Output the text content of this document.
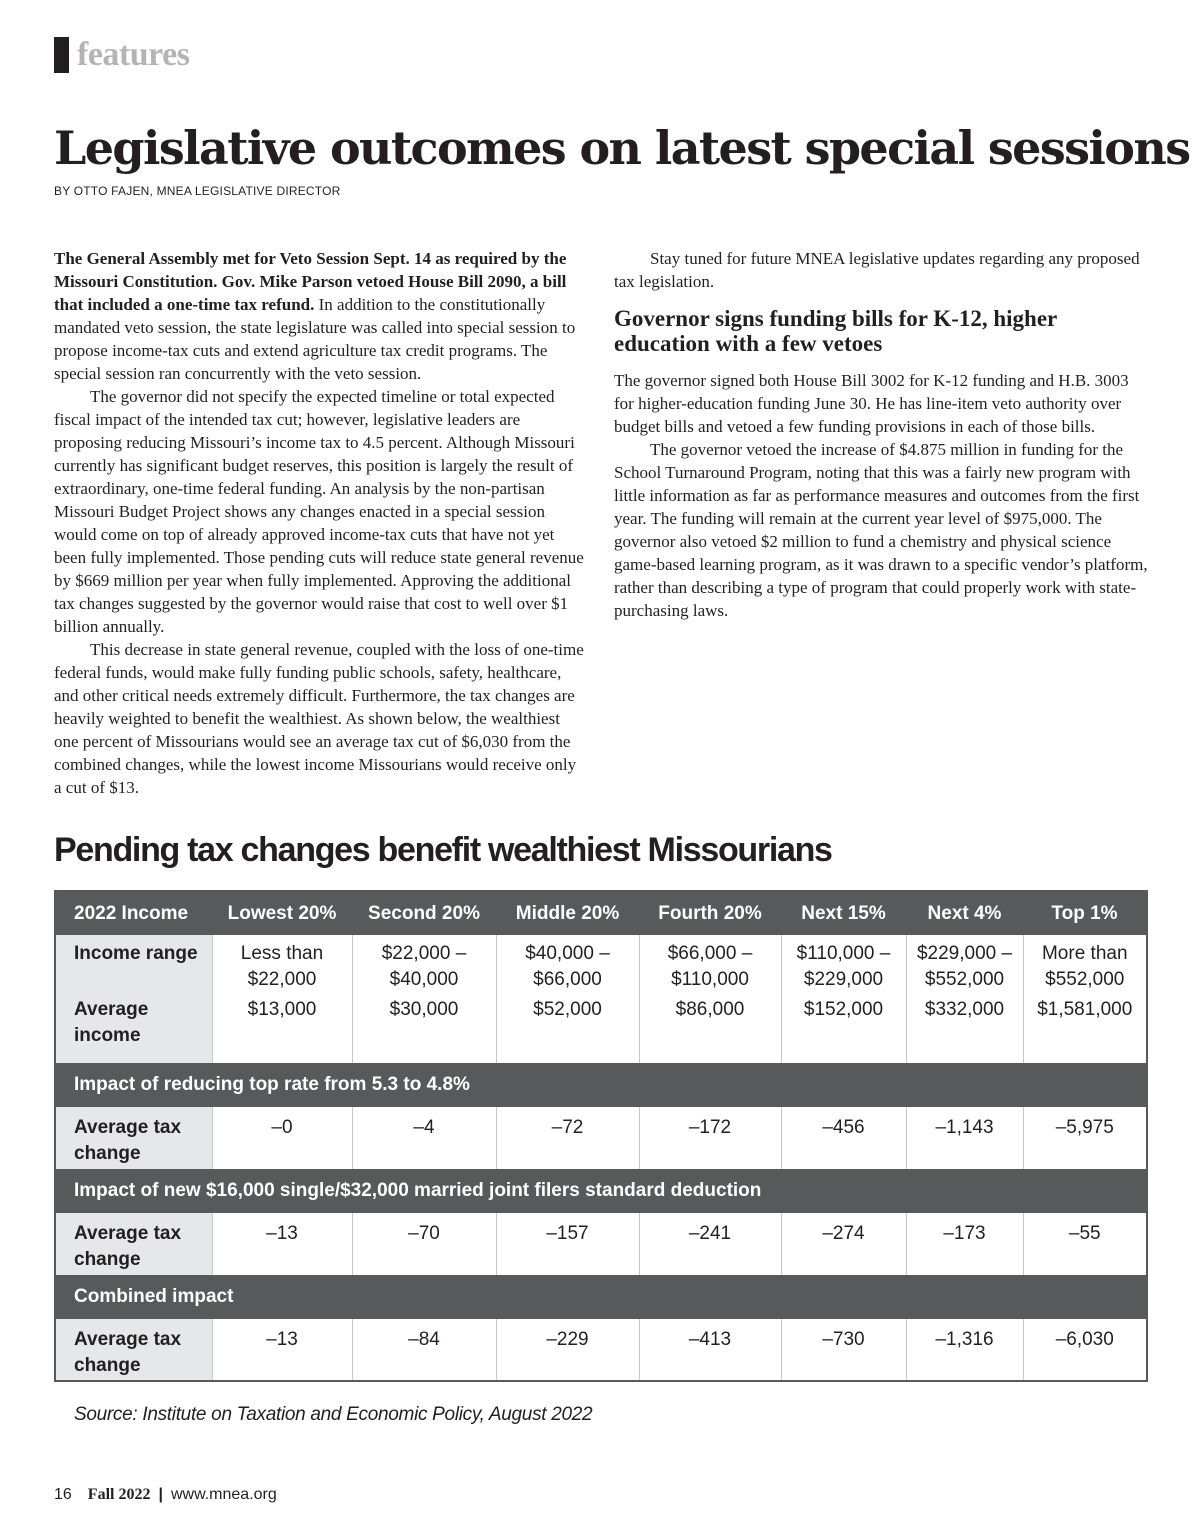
features
Legislative outcomes on latest special sessions
BY OTTO FAJEN, MNEA LEGISLATIVE DIRECTOR

The General Assembly met for Veto Session Sept. 14 as required by the Missouri Constitution. Gov. Mike Parson vetoed House Bill 2090, a bill that included a one-time tax refund. In addition to the constitutionally mandated veto session, the state legislature was called into special session to propose income-tax cuts and extend agriculture tax credit programs. The special session ran concurrently with the veto session.

The governor did not specify the expected timeline or total expected fiscal impact of the intended tax cut; however, legislative leaders are proposing reducing Missouri’s income tax to 4.5 percent. Although Missouri currently has significant budget reserves, this position is largely the result of extraordinary, one-time federal funding. An analysis by the non-partisan Missouri Budget Project shows any changes enacted in a special session would come on top of already approved income-tax cuts that have not yet been fully implemented. Those pending cuts will reduce state general revenue by $669 million per year when fully implemented. Approving the additional tax changes suggested by the governor would raise that cost to well over $1 billion annually.

This decrease in state general revenue, coupled with the loss of one-time federal funds, would make fully funding public schools, safety, healthcare, and other critical needs extremely difficult. Furthermore, the tax changes are heavily weighted to benefit the wealthiest. As shown below, the wealthiest one percent of Missourians would see an average tax cut of $6,030 from the combined changes, while the lowest income Missourians would receive only a cut of $13.

Stay tuned for future MNEA legislative updates regarding any proposed tax legislation.

Governor signs funding bills for K-12, higher education with a few vetoes

The governor signed both House Bill 3002 for K-12 funding and H.B. 3003 for higher-education funding June 30. He has line-item veto authority over budget bills and vetoed a few funding provisions in each of those bills.

The governor vetoed the increase of $4.875 million in funding for the School Turnaround Program, noting that this was a fairly new program with little information as far as performance measures and outcomes from the first year. The funding will remain at the current year level of $975,000. The governor also vetoed $2 million to fund a chemistry and physical science game-based learning program, as it was drawn to a specific vendor’s platform, rather than describing a type of program that could properly work with state-purchasing laws.

Pending tax changes benefit wealthiest Missourians
2022 Income	Lowest 20%	Second 20%	Middle 20%	Fourth 20%	Next 15%	Next 4%	Top 1%
Income range	Less than $22,000	$22,000 – $40,000	$40,000 – $66,000	$66,000 – $110,000	$110,000 – $229,000	$229,000 – $552,000	More than $552,000
Average income	$13,000	$30,000	$52,000	$86,000	$152,000	$332,000	$1,581,000
Impact of reducing top rate from 5.3 to 4.8%							
Average tax change	–0	–4	–72	–172	–456	–1,143	–5,975
Impact of new $16,000 single/$32,000 married joint filers standard deduction							
Average tax change	–13	–70	–157	–241	–274	–173	–55
Combined impact							
Average tax change	–13	–84	–229	–413	–730	–1,316	–6,030
Source: Institute on Taxation and Economic Policy, August 2022
16 Fall 2022 | www.mnea.org
